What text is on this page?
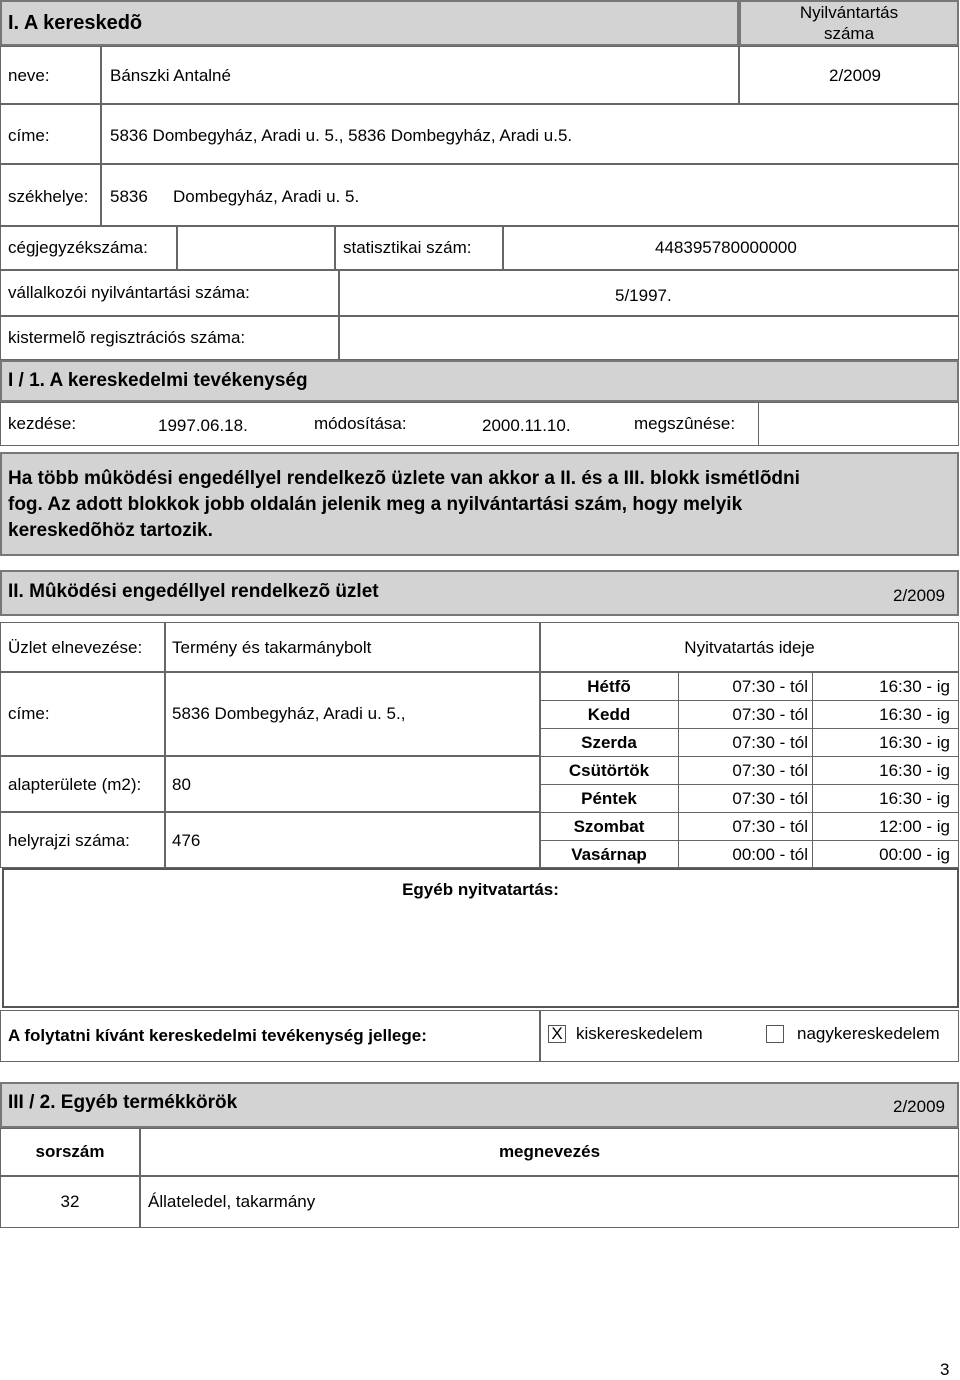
I. A kereskedõ	Nyilvántartás
száma
neve:	Bánszki Antalné	2/2009
címe:	5836 Dombegyház, Aradi u. 5., 5836 Dombegyház, Aradi u.5.
székhelye: 5836 Dombegyház, Aradi u. 5.
cégjegyzékszáma:	statisztikai szám:	448395780000000
vállalkozói nyilvántartási száma:	5/1997.
kistermelõ regisztrációs száma:
I / 1. A kereskedelmi tevékenység
kezdése:	1997.06.18.	módosítása:	2000.11.10.	megszûnése:
Ha több mûködési engedéllyel rendelkezõ üzlete van akkor a II. és a III. blokk ismétlõdni
fog. Az adott blokkok jobb oldalán jelenik meg a nyilvántartási szám, hogy melyik
kereskedõhöz tartozik.
II. Mûködési engedéllyel rendelkezõ üzlet	2/2009
Üzlet elnevezése: Termény és takarmánybolt	Nyitvatartás ideje
címe:	5836 Dombegyház, Aradi u. 5.,
alapterülete (m2): 80
helyrajzi száma: 476
Hétfõ	07:30 - tól	16:30 - ig
Kedd	07:30 - tól	16:30 - ig
Szerda	07:30 - tól	16:30 - ig
Csütörtök	07:30 - tól	16:30 - ig
Péntek	07:30 - tól	16:30 - ig
Szombat	07:30 - tól	12:00 - ig
Vasárnap	00:00 - tól	00:00 - ig
Egyéb nyitvatartás:
A folytatni kívánt kereskedelmi tevékenység jellege:	X kiskereskedelem	nagykereskedelem
III / 2. Egyéb termékkörök	2/2009
sorszám	megnevezés
32	Állateledel, takarmány
3
